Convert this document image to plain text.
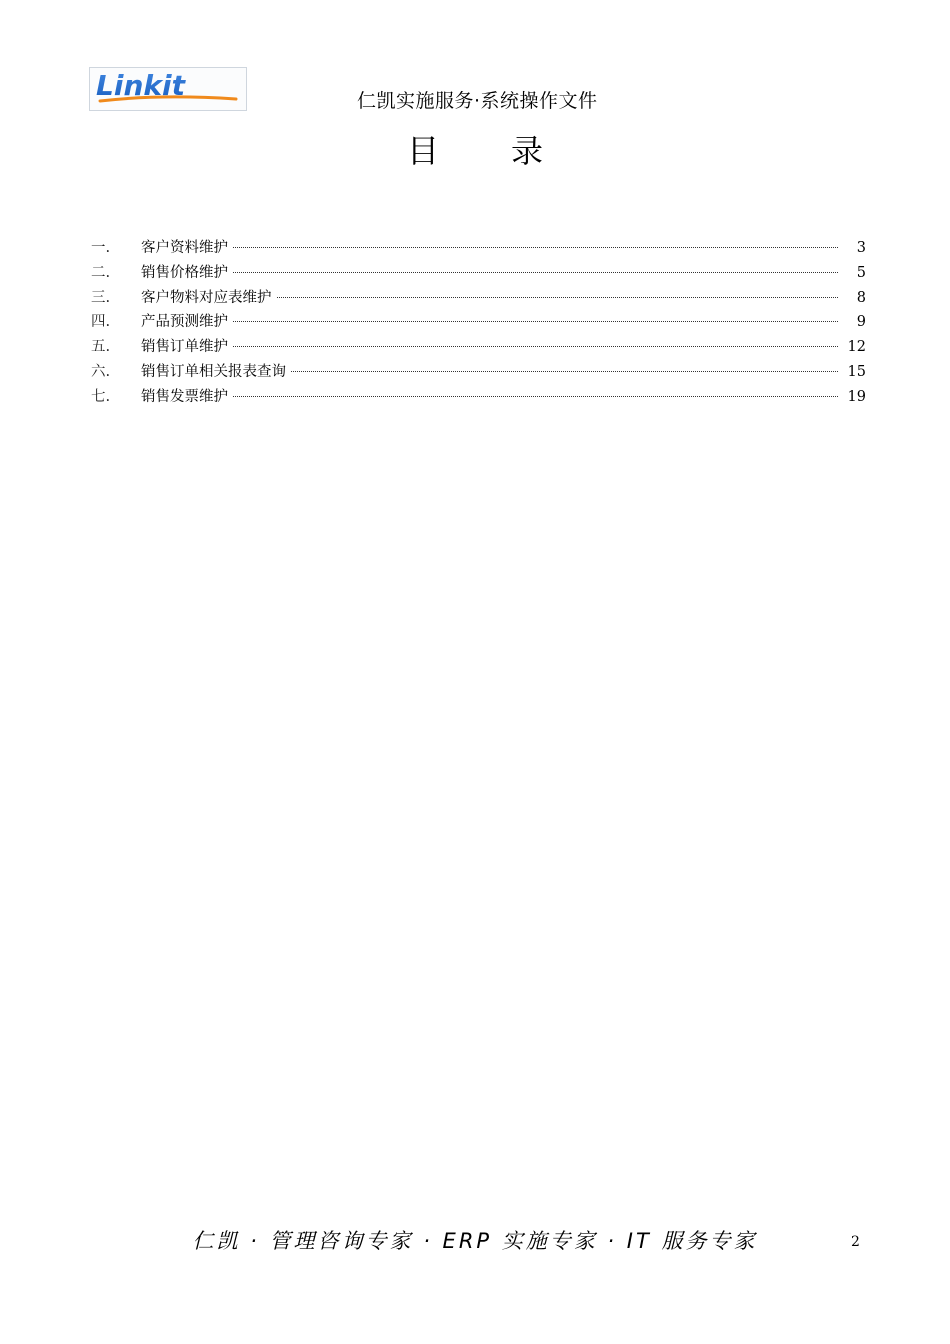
Linkit	仁凯实施服务·系统操作文件
目 录
一.	客户资料维护	3
二.	销售价格维护	5
三.	客户物料对应表维护	8
四.	产品预测维护	9
五.	销售订单维护	12
六.	销售订单相关报表查询	15
七.	销售发票维护	19
仁凯 · 管理咨询专家 · ERP 实施专家 · IT 服务专家	2
